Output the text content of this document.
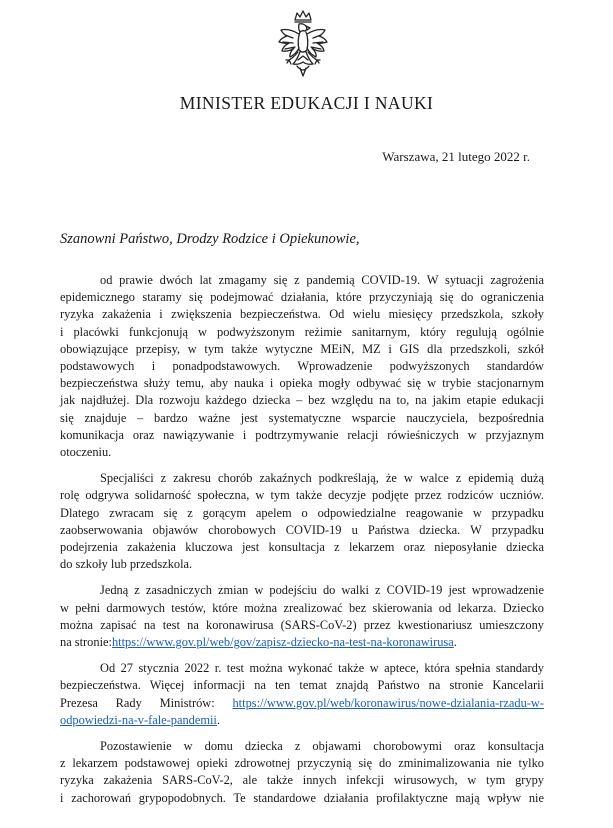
MINISTER EDUKACJI I NAUKI
Warszawa, 21 lutego 2022 r.
Szanowni Państwo, Drodzy Rodzice i Opiekunowie,

od prawie dwóch lat zmagamy się z pandemią COVID-19. W sytuacji zagrożenia
epidemicznego staramy się podejmować działania, które przyczyniają się do ograniczenia
ryzyka zakażenia i zwiększenia bezpieczeństwa. Od wielu miesięcy przedszkola, szkoły
i placówki funkcjonują w podwyższonym reżimie sanitarnym, który regulują ogólnie
obowiązujące przepisy, w tym także wytyczne MEiN, MZ i GIS dla przedszkoli, szkół
podstawowych i ponadpodstawowych. Wprowadzenie podwyższonych standardów
bezpieczeństwa służy temu, aby nauka i opieka mogły odbywać się w trybie stacjonarnym
jak najdłużej. Dla rozwoju każdego dziecka – bez względu na to, na jakim etapie edukacji
się znajduje – bardzo ważne jest systematyczne wsparcie nauczyciela, bezpośrednia
komunikacja oraz nawiązywanie i podtrzymywanie relacji rówieśniczych w przyjaznym
otoczeniu.

Specjaliści z zakresu chorób zakaźnych podkreślają, że w walce z epidemią dużą
rolę odgrywa solidarność społeczna, w tym także decyzje podjęte przez rodziców uczniów.
Dlatego zwracam się z gorącym apelem o odpowiedzialne reagowanie w przypadku
zaobserwowania objawów chorobowych COVID-19 u Państwa dziecka. W przypadku
podejrzenia zakażenia kluczowa jest konsultacja z lekarzem oraz nieposyłanie dziecka
do szkoły lub przedszkola.

Jedną z zasadniczych zmian w podejściu do walki z COVID-19 jest wprowadzenie
w pełni darmowych testów, które można zrealizować bez skierowania od lekarza. Dziecko
można zapisać na test na koronawirusa (SARS-CoV-2) przez kwestionariusz umieszczony
na stronie:https://www.gov.pl/web/gov/zapisz-dziecko-na-test-na-koronawirusa.

Od 27 stycznia 2022 r. test można wykonać także w aptece, która spełnia standardy
bezpieczeństwa. Więcej informacji na ten temat znajdą Państwo na stronie Kancelarii
Prezesa Rady Ministrów: https://www.gov.pl/web/koronawirus/nowe-dzialania-rzadu-w-
odpowiedzi-na-v-fale-pandemii.

Pozostawienie w domu dziecka z objawami chorobowymi oraz konsultacja
z lekarzem podstawowej opieki zdrowotnej przyczynią się do zminimalizowania nie tylko
ryzyka zakażenia SARS-CoV-2, ale także innych infekcji wirusowych, w tym grypy
i zachorowań grypopodobnych. Te standardowe działania profilaktyczne mają wpływ nie
